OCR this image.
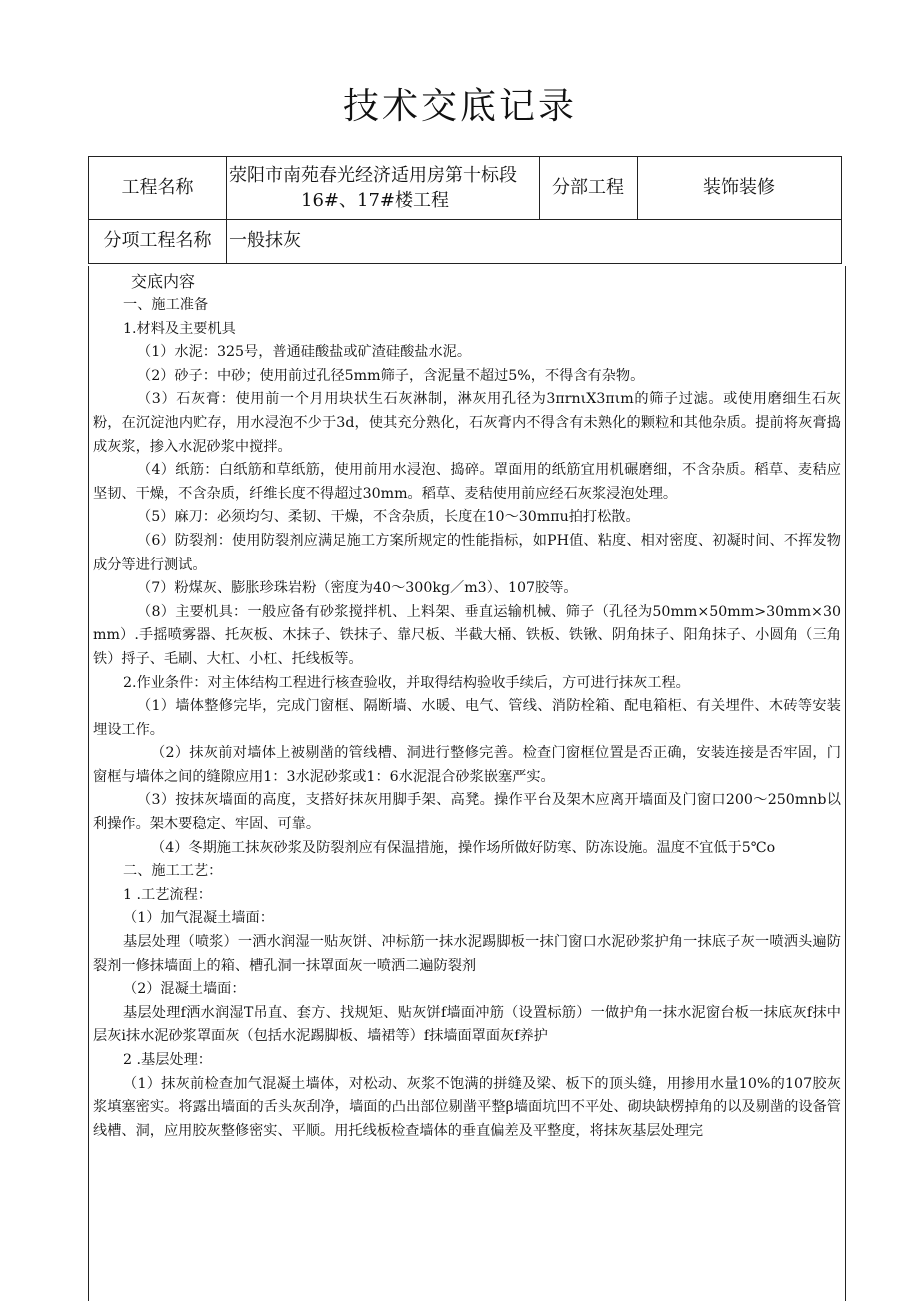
技术交底记录
工程名称
荥阳市南苑春光经济适用房第十标段
16#、17#楼工程
分部工程	装饰装修
分项工程名称 一般抹灰

交底内容

一、施工准备

1.材料及主要机具

（1）水泥：325号，普通硅酸盐或矿渣硅酸盐水泥。

（2）砂子：中砂；使用前过孔径5mm筛子，含泥量不超过5%，不得含有杂物。

（3）石灰膏：使用前一个月用块状生石灰淋制，淋灰用孔径为3πrnιX3πιm的筛子过滤。或使用磨细生石灰粉，在沉淀池内贮存，用水浸泡不少于3d，使其充分熟化，石灰膏内不得含有未熟化的颗粒和其他杂质。提前将灰膏捣成灰浆，掺入水泥砂浆中搅拌。

（4）纸筋：白纸筋和草纸筋，使用前用水浸泡、捣碎。罩面用的纸筋宜用机碾磨细，不含杂质。稻草、麦秸应坚韧、干燥，不含杂质，纤维长度不得超过30mm。稻草、麦秸使用前应经石灰浆浸泡处理。

（5）麻刀：必须均匀、柔韧、干燥，不含杂质，长度在10～30mπu拍打松散。

（6）防裂剂：使用防裂剂应满足施工方案所规定的性能指标，如PH值、粘度、相对密度、初凝时间、不挥发物成分等进行测试。

（7）粉煤灰、膨胀珍珠岩粉（密度为40～300kg／m3）、107胶等。

（8）主要机具：一般应备有砂浆搅拌机、上料架、垂直运输机械、筛子（孔径为50mm×50mm>30mm×30mm）.手摇喷雾器、托灰板、木抹子、铁抹子、靠尺板、半截大桶、铁板、铁锹、阴角抹子、阳角抹子、小圆角（三角铁）捋子、毛刷、大杠、小杠、托线板等。

2.作业条件：对主体结构工程进行核查验收，并取得结构验收手续后，方可进行抹灰工程。

（1）墙体整修完毕，完成门窗框、隔断墙、水暖、电气、管线、消防栓箱、配电箱柜、有关埋件、木砖等安装埋设工作。

（2）抹灰前对墙体上被剔凿的管线槽、洞进行整修完善。检查门窗框位置是否正确，安装连接是否牢固，门窗框与墙体之间的缝隙应用1：3水泥砂浆或1：6水泥混合砂浆嵌塞严实。

（3）按抹灰墙面的高度，支搭好抹灰用脚手架、高凳。操作平台及架木应离开墙面及门窗口200～250mnb以利操作。架木要稳定、牢固、可靠。

（4）冬期施工抹灰砂浆及防裂剂应有保温措施，操作场所做好防寒、防冻设施。温度不宜低于5℃o

二、施工工艺：

1 .工艺流程：

（1）加气混凝土墙面：

基层处理（喷浆）一洒水润湿一贴灰饼、冲标筋一抹水泥踢脚板一抹门窗口水泥砂浆护角一抹底子灰一喷洒头遍防裂剂一修抹墙面上的箱、槽孔洞一抹罩面灰一喷洒二遍防裂剂

（2）混凝土墙面：

基层处理f洒水润湿T吊直、套方、找规矩、贴灰饼f墙面冲筋（设置标筋）一做护角一抹水泥窗台板一抹底灰f抹中层灰i抹水泥砂浆罩面灰（包括水泥踢脚板、墙裙等）f抹墙面罩面灰f养护

2 .基层处理：

（1）抹灰前检查加气混凝土墙体，对松动、灰浆不饱满的拼缝及梁、板下的顶头缝，用掺用水量10%的107胶灰浆填塞密实。将露出墙面的舌头灰刮净，墙面的凸出部位剔凿平整β墙面坑凹不平处、砌块缺楞掉角的以及剔凿的设备管线槽、洞，应用胶灰整修密实、平顺。用托线板检查墙体的垂直偏差及平整度，将抹灰基层处理完
